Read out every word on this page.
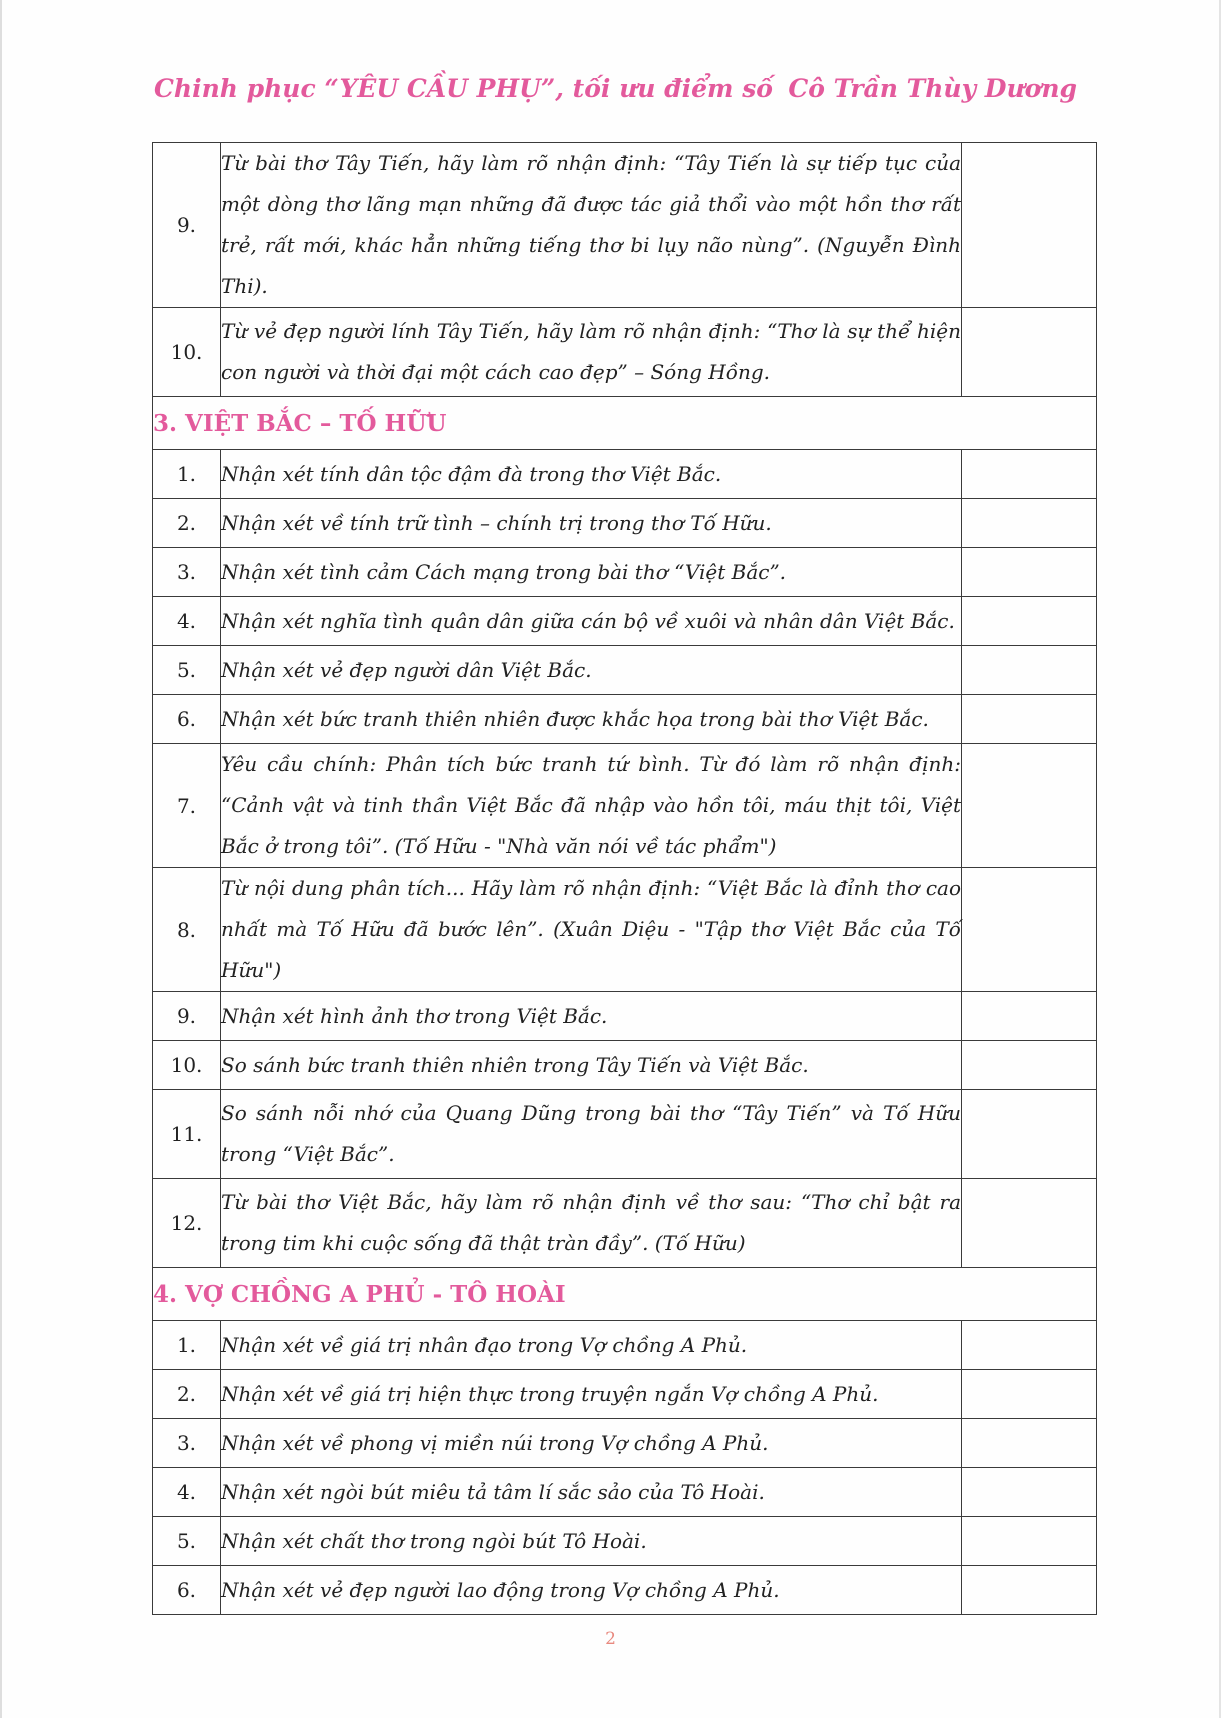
Chinh phục “YÊU CẦU PHỤ”, tối ưu điểm số Cô Trần Thùy Dương
9.	Từ bài thơ Tây Tiến, hãy làm rõ nhận định: “Tây Tiến là sự tiếp tục của một dòng thơ lãng mạn những đã được tác giả thổi vào một hồn thơ rất trẻ, rất mới, khác hẳn những tiếng thơ bi lụy não nùng”. (Nguyễn Đình Thi).	
10.	Từ vẻ đẹp người lính Tây Tiến, hãy làm rõ nhận định: “Thơ là sự thể hiện con người và thời đại một cách cao đẹp” – Sóng Hồng.	
3. VIỆT BẮC – TỐ HỮU		
1.	Nhận xét tính dân tộc đậm đà trong thơ Việt Bắc.	
2.	Nhận xét về tính trữ tình – chính trị trong thơ Tố Hữu.	
3.	Nhận xét tình cảm Cách mạng trong bài thơ “Việt Bắc”.	
4.	Nhận xét nghĩa tình quân dân giữa cán bộ về xuôi và nhân dân Việt Bắc.	
5.	Nhận xét vẻ đẹp người dân Việt Bắc.	
6.	Nhận xét bức tranh thiên nhiên được khắc họa trong bài thơ Việt Bắc.	
7.	Yêu cầu chính: Phân tích bức tranh tứ bình. Từ đó làm rõ nhận định: “Cảnh vật và tinh thần Việt Bắc đã nhập vào hồn tôi, máu thịt tôi, Việt Bắc ở trong tôi”. (Tố Hữu - "Nhà văn nói về tác phẩm")	
8.	Từ nội dung phân tích... Hãy làm rõ nhận định: “Việt Bắc là đỉnh thơ cao nhất mà Tố Hữu đã bước lên”. (Xuân Diệu - "Tập thơ Việt Bắc của Tố Hữu")	
9.	Nhận xét hình ảnh thơ trong Việt Bắc.	
10.	So sánh bức tranh thiên nhiên trong Tây Tiến và Việt Bắc.	
11.	So sánh nỗi nhớ của Quang Dũng trong bài thơ “Tây Tiến” và Tố Hữu trong “Việt Bắc”.	
12.	Từ bài thơ Việt Bắc, hãy làm rõ nhận định về thơ sau: “Thơ chỉ bật ra trong tim khi cuộc sống đã thật tràn đầy”. (Tố Hữu)	
4. VỢ CHỒNG A PHỦ - TÔ HOÀI		
1.	Nhận xét về giá trị nhân đạo trong Vợ chồng A Phủ.	
2.	Nhận xét về giá trị hiện thực trong truyện ngắn Vợ chồng A Phủ.	
3.	Nhận xét về phong vị miền núi trong Vợ chồng A Phủ.	
4.	Nhận xét ngòi bút miêu tả tâm lí sắc sảo của Tô Hoài.	
5.	Nhận xét chất thơ trong ngòi bút Tô Hoài.	
6.	Nhận xét vẻ đẹp người lao động trong Vợ chồng A Phủ.	
2
